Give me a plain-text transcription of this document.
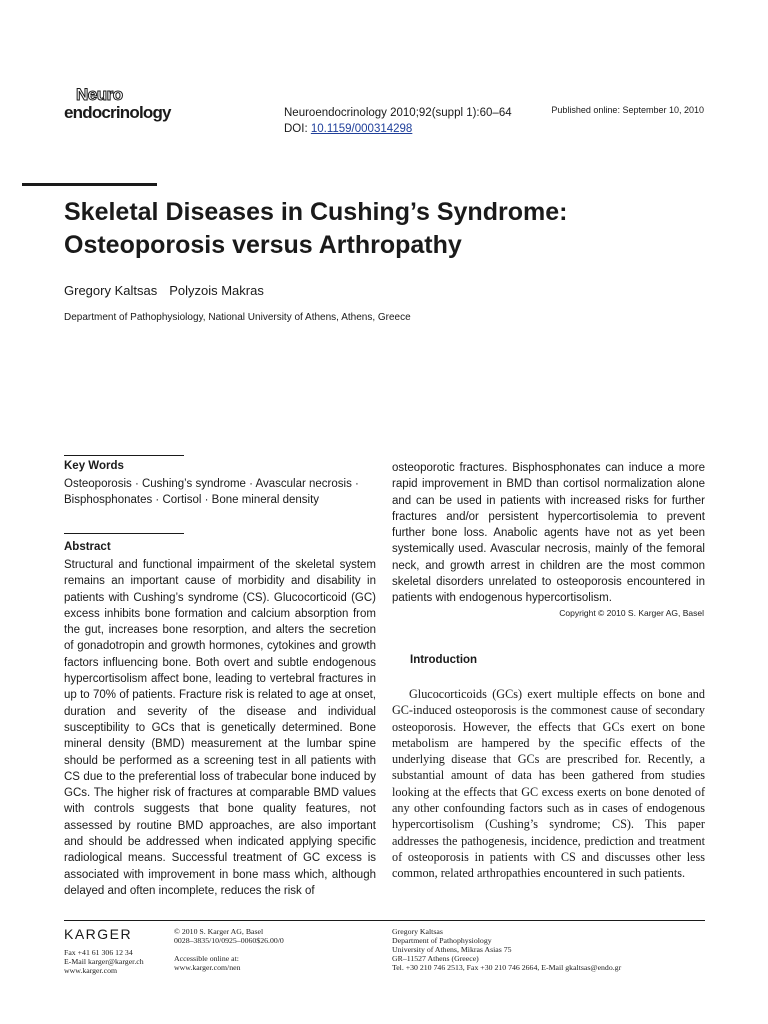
Neuro
endocrinology	Neuroendocrinology 2010;92(suppl 1):60–64
DOI: 10.1159/000314298
Published online: September 10, 2010
Skeletal Diseases in Cushing’s Syndrome:
Osteoporosis versus Arthropathy
Gregory Kaltsas Polyzois Makras
Department of Pathophysiology, National University of Athens, Athens, Greece
Key Words
Osteoporosis · Cushing’s syndrome · Avascular necrosis · Bisphosphonates · Cortisol · Bone mineral density
Abstract

Structural and functional impairment of the skeletal system remains an important cause of morbidity and disability in patients with Cushing’s syndrome (CS). Glucocorticoid (GC) excess inhibits bone formation and calcium absorption from the gut, increases bone resorption, and alters the secretion of gonadotropin and growth hormones, cytokines and growth factors influencing bone. Both overt and subtle endogenous hypercortisolism affect bone, leading to vertebral fractures in up to 70% of patients. Fracture risk is related to age at onset, duration and severity of the disease and individual susceptibility to GCs that is genetically determined. Bone mineral density (BMD) measurement at the lumbar spine should be performed as a screening test in all patients with CS due to the preferential loss of trabecular bone induced by GCs. The higher risk of fractures at comparable BMD values with controls suggests that bone quality features, not assessed by routine BMD approaches, are also important and should be addressed when indicated applying specific radiological means. Successful treatment of GC excess is associated with improvement in bone mass which, although delayed and often incomplete, reduces the risk of

osteoporotic fractures. Bisphosphonates can induce a more rapid improvement in BMD than cortisol normalization alone and can be used in patients with increased risks for further fractures and/or persistent hypercortisolemia to prevent further bone loss. Anabolic agents have not as yet been systemically used. Avascular necrosis, mainly of the femoral neck, and growth arrest in children are the most common skeletal disorders unrelated to osteoporosis encountered in patients with endogenous hypercortisolism.

Copyright © 2010 S. Karger AG, Basel
Introduction

Glucocorticoids (GCs) exert multiple effects on bone and GC-induced osteoporosis is the commonest cause of secondary osteoporosis. However, the effects that GCs exert on bone metabolism are hampered by the specific effects of the underlying disease that GCs are prescribed for. Recently, a substantial amount of data has been gathered from studies looking at the effects that GC excess exerts on bone denoted of any other confounding factors such as in cases of endogenous hypercortisolism (Cushing’s syndrome; CS). This paper addresses the pathogenesis, incidence, prediction and treatment of osteoporosis in patients with CS and discusses other less common, related arthropathies encountered in such patients.

KARGER
Fax +41 61 306 12 34
E-Mail karger@karger.ch
www.karger.com
© 2010 S. Karger AG, Basel
0028–3835/10/0925–0060$26.00/0
Accessible online at:
www.karger.com/nen
Gregory Kaltsas
Department of Pathophysiology
University of Athens, Mikras Asias 75
GR–11527 Athens (Greece)
Tel. +30 210 746 2513, Fax +30 210 746 2664, E-Mail gkaltsas@endo.gr
